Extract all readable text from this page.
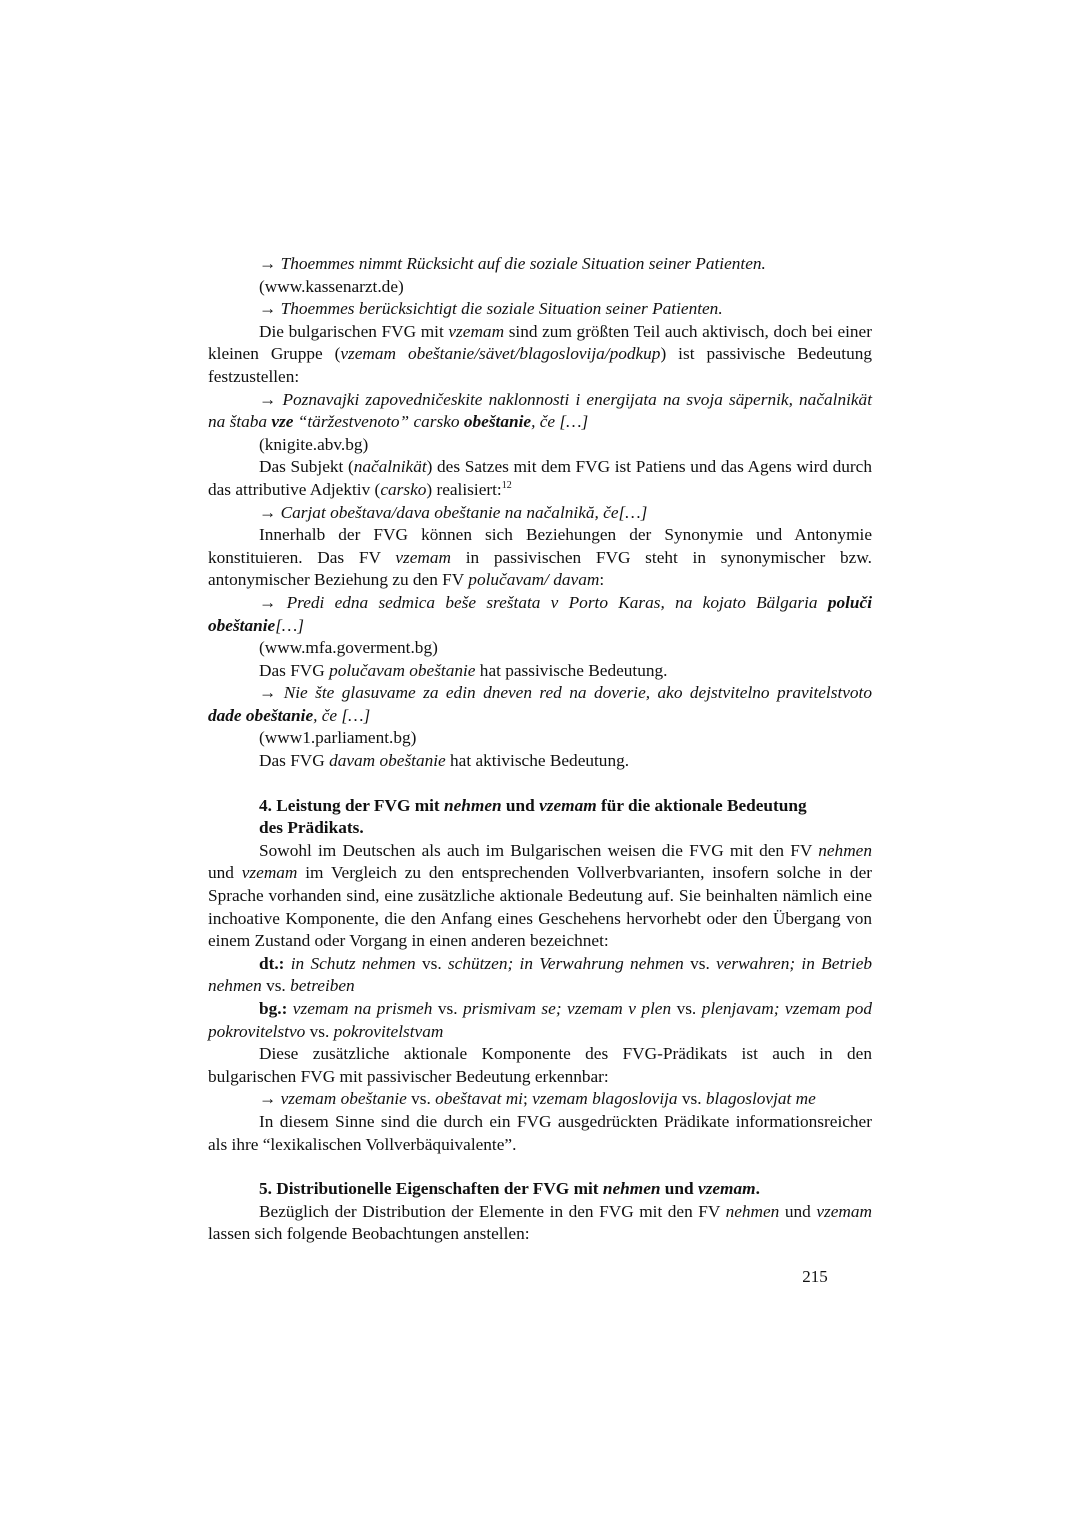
→ Thoemmes nimmt Rücksicht auf die soziale Situation seiner Patienten.

(www.kassenarzt.de)

→ Thoemmes berücksichtigt die soziale Situation seiner Patienten.

Die bulgarischen FVG mit vzemam sind zum größten Teil auch aktivisch, doch bei einer kleinen Gruppe (vzemam obeštanie/sävet/blagoslovija/podkup) ist passivische Bedeutung festzustellen:

→ Poznavajki zapovedničeskite naklonnosti i energijata na svoja säpernik, načalnikät na štaba vze “täržestvenoto” carsko obeštanie, če […]

(knigite.abv.bg)

Das Subjekt (načalnikät) des Satzes mit dem FVG ist Patiens und das Agens wird durch das attributive Adjektiv (carsko) realisiert:$^{12}$

→ Carjat obeštava/dava obeštanie na načalnikă, če[…]

Innerhalb der FVG können sich Beziehungen der Synonymie und Antonymie konstituieren. Das FV vzemam in passivischen FVG steht in synonymischer bzw. antonymischer Beziehung zu den FV polučavam/ davam:

→ Predi edna sedmica beše sreštata v Porto Karas, na kojato Bälgaria poluči obeštanie[…]

(www.mfa.goverment.bg)

Das FVG polučavam obeštanie hat passivische Bedeutung.

→ Nie šte glasuvame za edin dneven red na doverie, ako dejstvitelno pravitelstvoto dade obeštanie, če […]

(www1.parliament.bg)

Das FVG davam obeštanie hat aktivische Bedeutung.

4. Leistung der FVG mit nehmen und vzemam für die aktionale Bedeutung
des Prädikats.

Sowohl im Deutschen als auch im Bulgarischen weisen die FVG mit den FV nehmen und vzemam im Vergleich zu den entsprechenden Vollverbvarianten, insofern solche in der Sprache vorhanden sind, eine zusätzliche aktionale Bedeutung auf. Sie beinhalten nämlich eine inchoative Komponente, die den Anfang eines Geschehens hervorhebt oder den Übergang von einem Zustand oder Vorgang in einen anderen bezeichnet:

dt.: in Schutz nehmen vs. schützen; in Verwahrung nehmen vs. verwahren; in Betrieb nehmen vs. betreiben

bg.: vzemam na prismeh vs. prismivam se; vzemam v plen vs. plenjavam; vzemam pod pokrovitelstvo vs. pokrovitelstvam

Diese zusätzliche aktionale Komponente des FVG-Prädikats ist auch in den bulgarischen FVG mit passivischer Bedeutung erkennbar:

→ vzemam obeštanie vs. obeštavat mi; vzemam blagoslovija vs. blagoslovjat me

In diesem Sinne sind die durch ein FVG ausgedrückten Prädikate informationsreicher als ihre “lexikalischen Vollverbäquivalente”.

5. Distributionelle Eigenschaften der FVG mit nehmen und vzemam.

Bezüglich der Distribution der Elemente in den FVG mit den FV nehmen und vzemam lassen sich folgende Beobachtungen anstellen:

215
